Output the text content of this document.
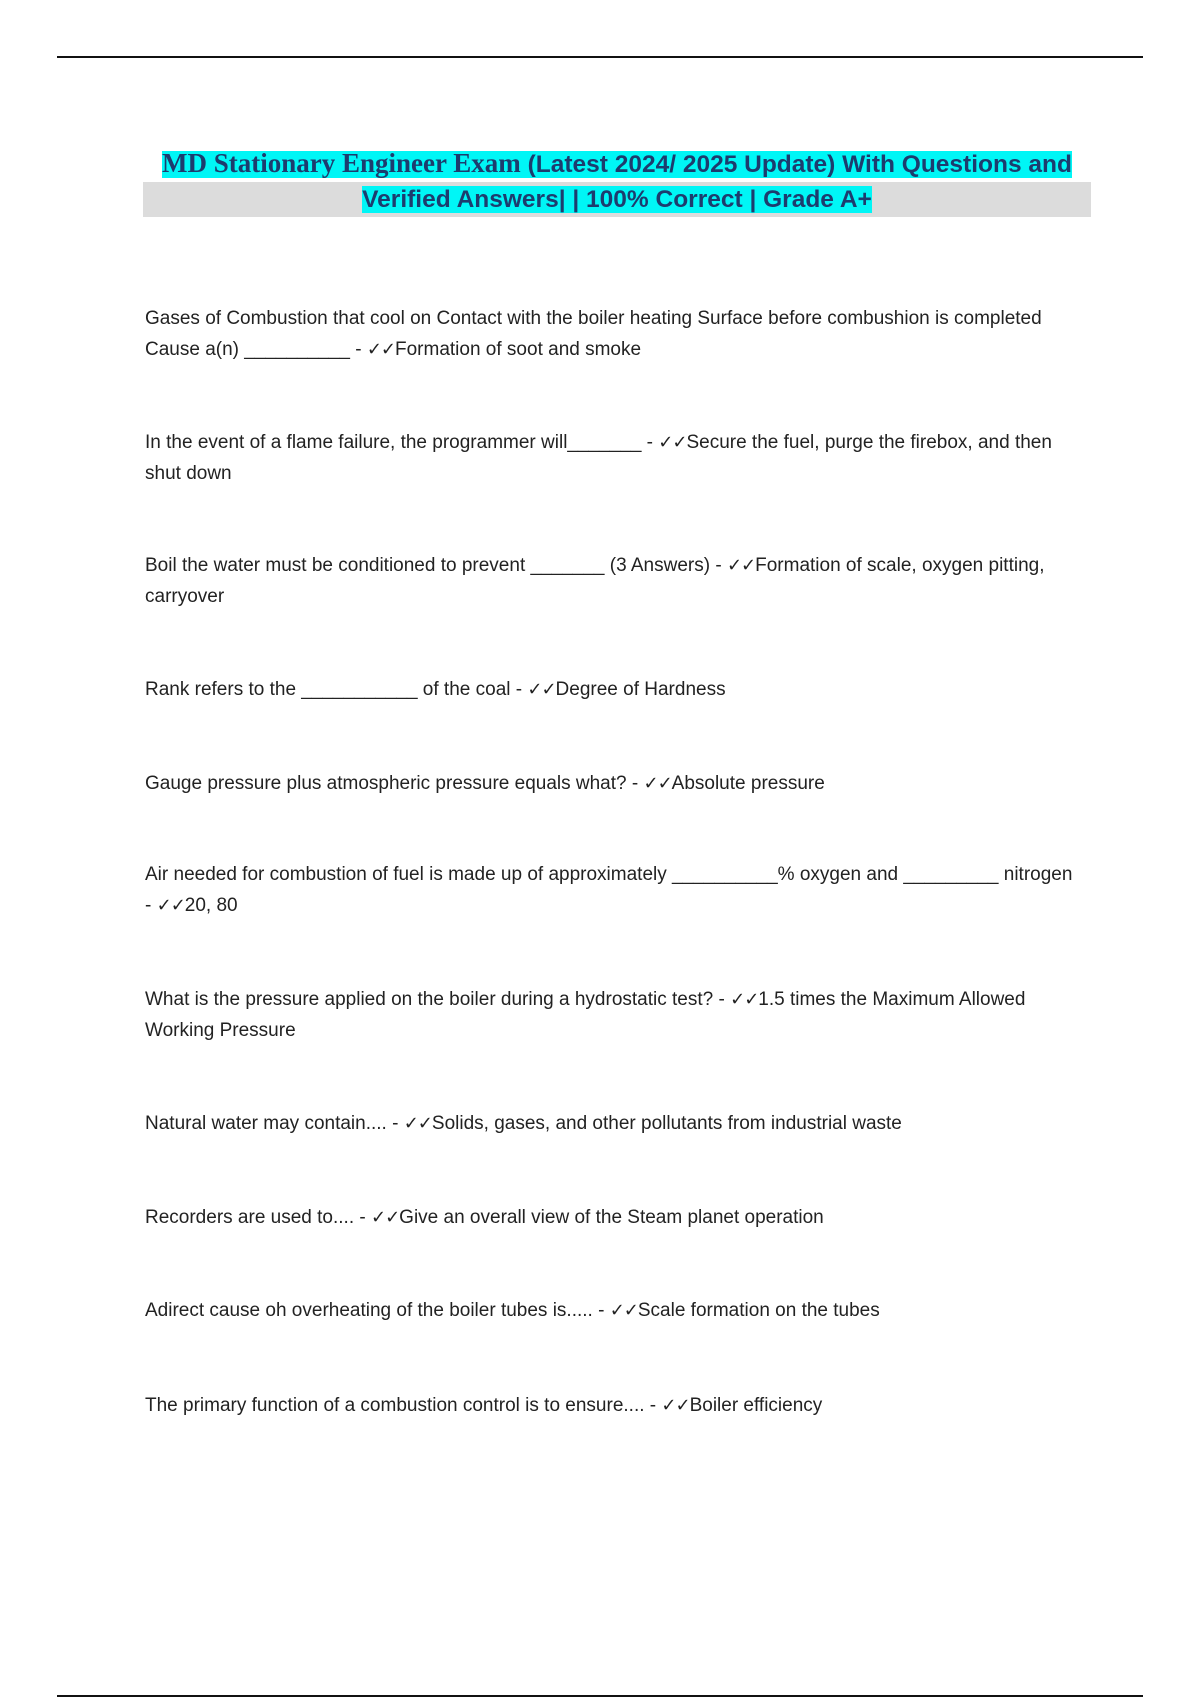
MD Stationary Engineer Exam (Latest 2024/ 2025 Update) With Questions and
Verified Answers| | 100% Correct | Grade A+
Gases of Combustion that cool on Contact with the boiler heating Surface before combushion is completed Cause a(n) __________ - ✓✓Formation of soot and smoke
In the event of a flame failure, the programmer will_______ - ✓✓Secure the fuel, purge the firebox, and then shut down
Boil the water must be conditioned to prevent _______ (3 Answers) - ✓✓Formation of scale, oxygen pitting, carryover
Rank refers to the ___________ of the coal - ✓✓Degree of Hardness
Gauge pressure plus atmospheric pressure equals what? - ✓✓Absolute pressure
Air needed for combustion of fuel is made up of approximately __________% oxygen and _________ nitrogen - ✓✓20, 80
What is the pressure applied on the boiler during a hydrostatic test? - ✓✓1.5 times the Maximum Allowed Working Pressure
Natural water may contain.... - ✓✓Solids, gases, and other pollutants from industrial waste
Recorders are used to.... - ✓✓Give an overall view of the Steam planet operation
Adirect cause oh overheating of the boiler tubes is..... - ✓✓Scale formation on the tubes
The primary function of a combustion control is to ensure.... - ✓✓Boiler efficiency
